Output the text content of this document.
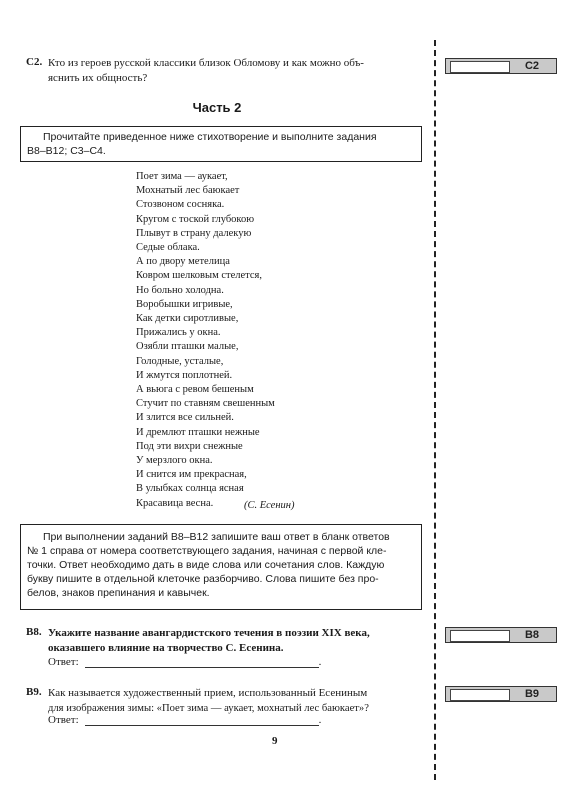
C2. Кто из героев русской классики близок Обломову и как можно объ-
яснить их общность?
C2
Часть 2
Прочитайте приведенное ниже стихотворение и выполните задания
В8–В12; С3–С4.
Поет зима — аукает,
Мохнатый лес баюкает
Стозвоном сосняка.
Кругом с тоской глубокою
Плывут в страну далекую
Седые облака.
А по двору метелица
Ковром шелковым стелется,
Но больно холодна.
Воробышки игривые,
Как детки сиротливые,
Прижались у окна.
Озябли пташки малые,
Голодные, усталые,
И жмутся поплотней.
А вьюга с ревом бешеным
Стучит по ставням свешенным
И злится все сильней.
И дремлют пташки нежные
Под эти вихри снежные
У мерзлого окна.
И снится им прекрасная,
В улыбках солнца ясная
Красавица весна.	(С. Есенин)
При выполнении заданий В8–В12 запишите ваш ответ в бланк ответов
№ 1 справа от номера соответствующего задания, начиная с первой кле-
точки. Ответ необходимо дать в виде слова или сочетания слов. Каждую
букву пишите в отдельной клеточке разборчиво. Слова пишите без про-
белов, знаков препинания и кавычек.
B8. Укажите название авангардистского течения в поэзии XIX века,
оказавшего влияние на творчество С. Есенина.
Ответ:	.
B8
B9. Как называется художественный прием, использованный Есениным
для изображения зимы: «Поет зима — аукает, мохнатый лес баюкает»?
Ответ:	.
B9
9
